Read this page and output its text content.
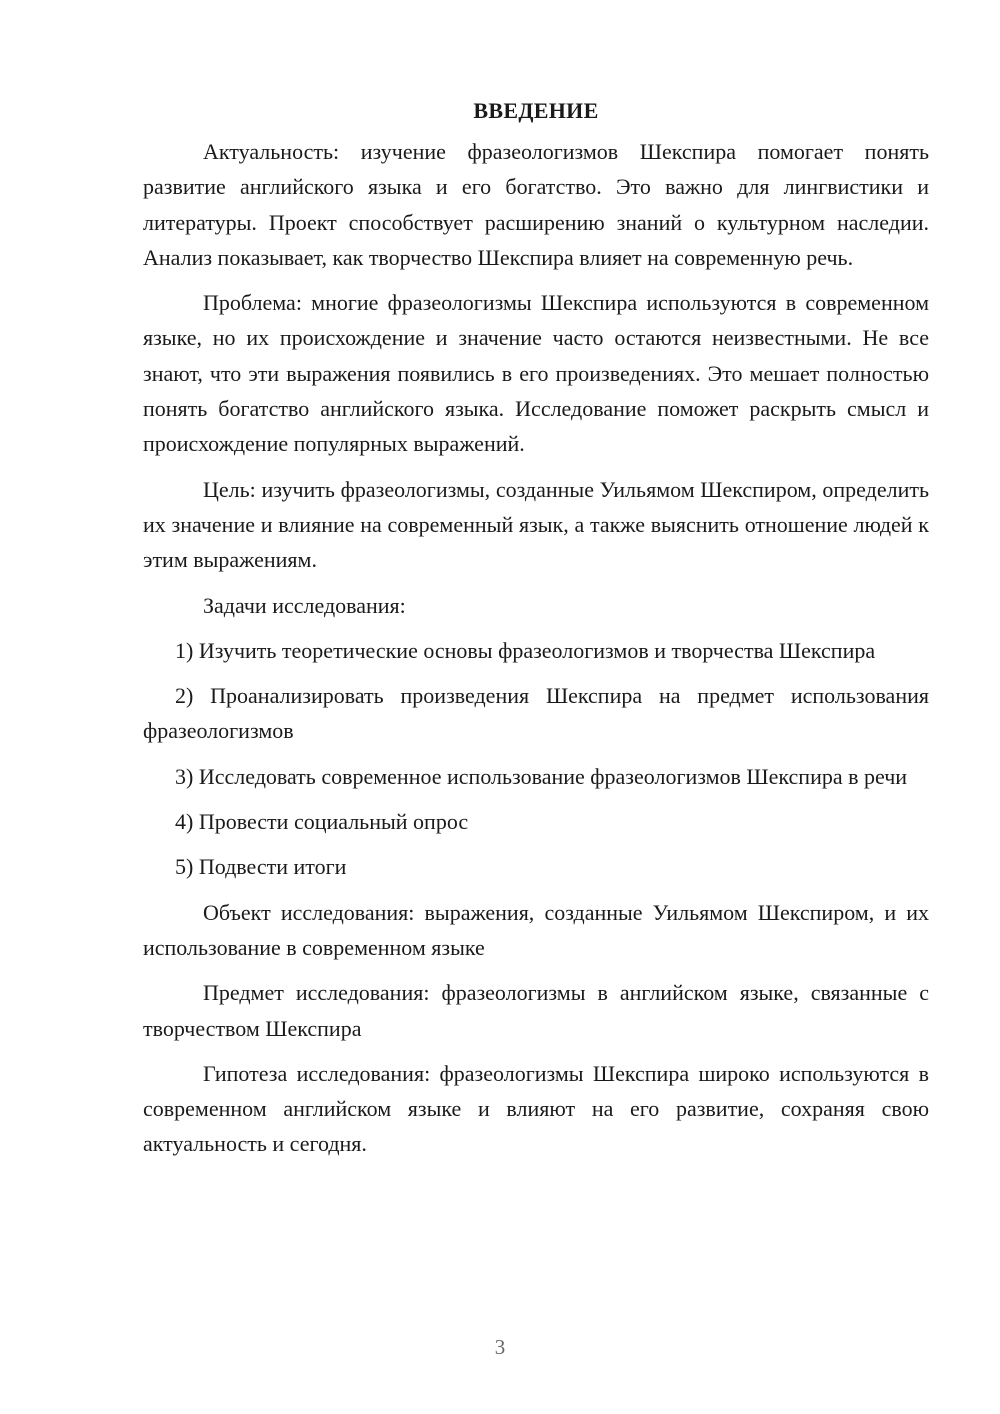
ВВЕДЕНИЕ

Актуальность: изучение фразеологизмов Шекспира помогает понять развитие английского языка и его богатство. Это важно для лингвистики и литературы. Проект способствует расширению знаний о культурном наследии. Анализ показывает, как творчество Шекспира влияет на современную речь.

Проблема: многие фразеологизмы Шекспира используются в современном языке, но их происхождение и значение часто остаются неизвестными. Не все знают, что эти выражения появились в его произведениях. Это мешает полностью понять богатство английского языка. Исследование поможет раскрыть смысл и происхождение популярных выражений.

Цель: изучить фразеологизмы, созданные Уильямом Шекспиром, определить их значение и влияние на современный язык, а также выяснить отношение людей к этим выражениям.

Задачи исследования:

1) Изучить теоретические основы фразеологизмов и творчества Шекспира

2) Проанализировать произведения Шекспира на предмет использования фразеологизмов

3) Исследовать современное использование фразеологизмов Шекспира в речи

4) Провести социальный опрос

5) Подвести итоги

Объект исследования: выражения, созданные Уильямом Шекспиром, и их использование в современном языке

Предмет исследования: фразеологизмы в английском языке, связанные с творчеством Шекспира

Гипотеза исследования: фразеологизмы Шекспира широко используются в современном английском языке и влияют на его развитие, сохраняя свою актуальность и сегодня.

3
